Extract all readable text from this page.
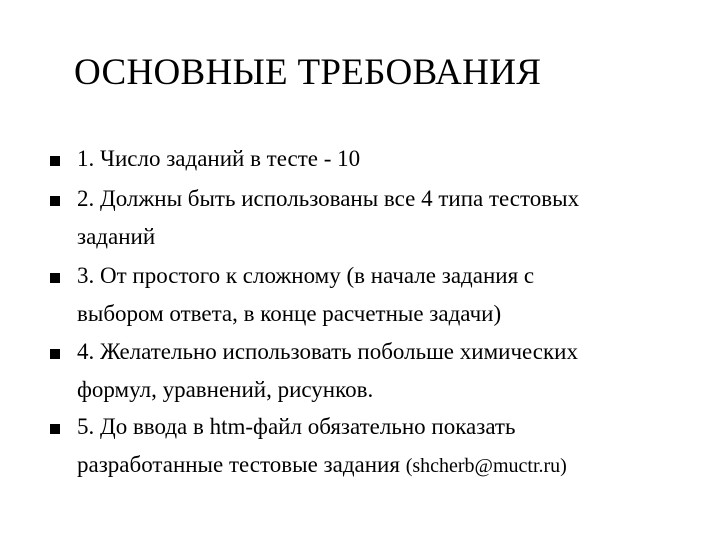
ОСНОВНЫЕ ТРЕБОВАНИЯ
1. Число заданий в тесте - 10
2. Должны быть использованы все 4 типа тестовых
заданий
3. От простого к сложному (в начале задания с
выбором ответа, в конце расчетные задачи)
4. Желательно использовать побольше химических
формул, уравнений, рисунков.
5. До ввода в htm-файл обязательно показать
разработанные тестовые задания (shcherb@muctr.ru)
